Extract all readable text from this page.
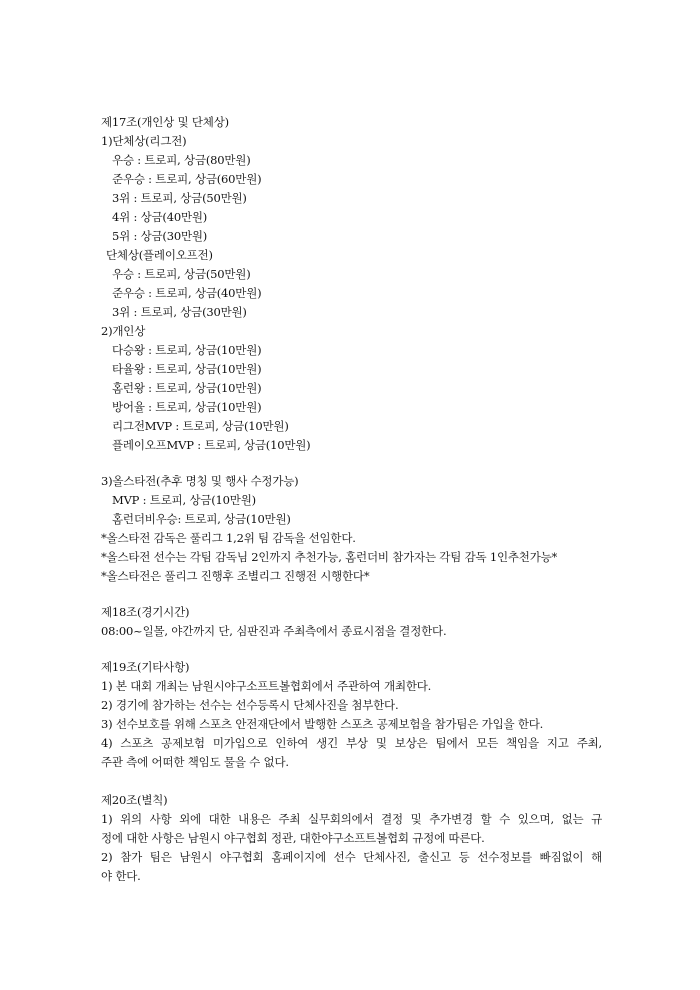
제17조(개인상 및 단체상)
1)단체상(리그전)
우승 : 트로피, 상금(80만원)
준우승 : 트로피, 상금(60만원)
3위 : 트로피, 상금(50만원)
4위 : 상금(40만원)
5위 : 상금(30만원)
단체상(플레이오프전)
우승 : 트로피, 상금(50만원)
준우승 : 트로피, 상금(40만원)
3위 : 트로피, 상금(30만원)
2)개인상
다승왕 : 트로피, 상금(10만원)
타율왕 : 트로피, 상금(10만원)
홈런왕 : 트로피, 상금(10만원)
방어율 : 트로피, 상금(10만원)
리그전MVP : 트로피, 상금(10만원)
플레이오프MVP : 트로피, 상금(10만원)
3)올스타전(추후 명칭 및 행사 수정가능)
MVP : 트로피, 상금(10만원)
홈런더비우승: 트로피, 상금(10만원)
*올스타전 감독은 풀리그 1,2위 팀 감독을 선임한다.
*올스타전 선수는 각팀 감독님 2인까지 추천가능, 홈런더비 참가자는 각팀 감독 1인추천가능*
*올스타전은 풀리그 진행후 조별리그 진행전 시행한다*
제18조(경기시간)
08:00~일몰, 야간까지 단, 심판진과 주최측에서 종료시점을 결정한다.
제19조(기타사항)
1) 본 대회 개최는 남원시야구소프트볼협회에서 주관하여 개최한다.
2) 경기에 참가하는 선수는 선수등록시 단체사진을 첨부한다.
3) 선수보호를 위해 스포츠 안전재단에서 발행한 스포츠 공제보험을 참가팀은 가입을 한다.
4) 스포츠 공제보험 미가입으로 인하여 생긴 부상 및 보상은 팀에서 모든 책임을 지고 주최,
주관 측에 어떠한 책임도 물을 수 없다.
제20조(별칙)
1) 위의 사항 외에 대한 내용은 주최 실무회의에서 결정 및 추가변경 할 수 있으며, 없는 규
정에 대한 사항은 남원시 야구협회 정관, 대한야구소프트볼협회 규정에 따른다.
2) 참가 팀은 남원시 야구협회 홈페이지에 선수 단체사진, 출신고 등 선수정보를 빠짐없이 해
야 한다.
